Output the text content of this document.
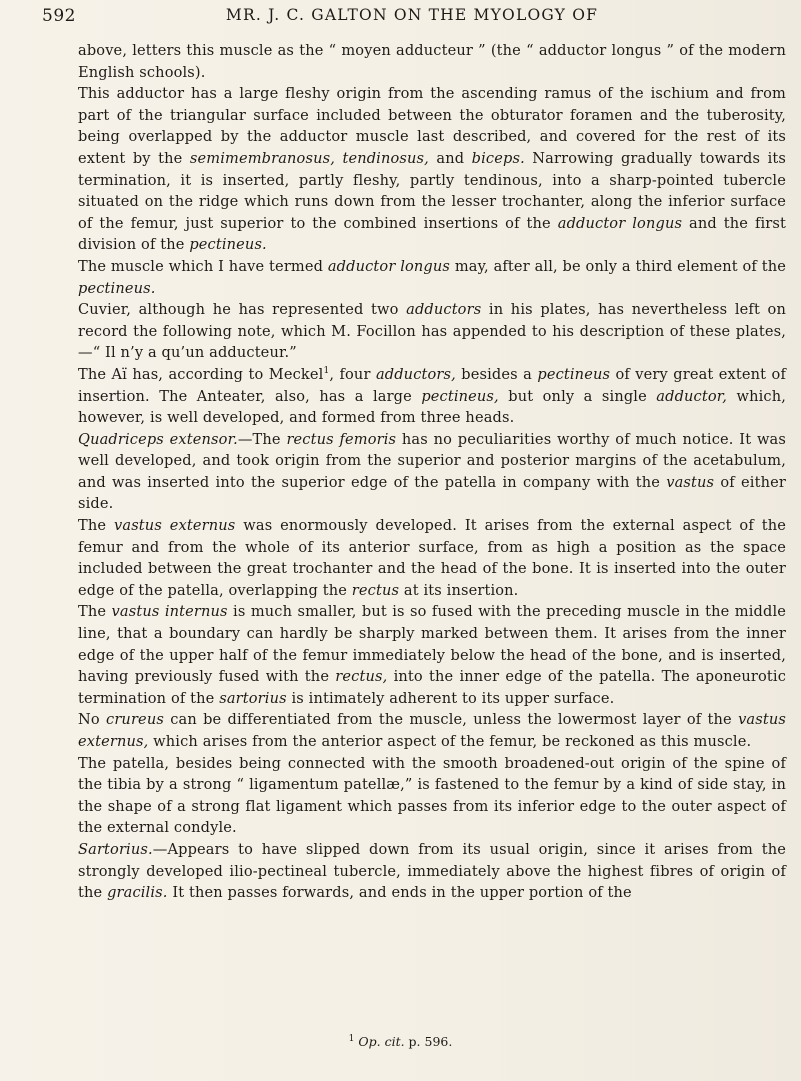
592	MR. J. C. GALTON ON THE MYOLOGY OF

above, letters this muscle as the “ moyen adducteur ” (the “ adductor longus ” of the modern English schools).

This adductor has a large fleshy origin from the ascending ramus of the ischium and from part of the triangular surface included between the obturator foramen and the tuberosity, being overlapped by the adductor muscle last described, and covered for the rest of its extent by the semimembranosus, tendinosus, and biceps. Narrowing gradually towards its termination, it is inserted, partly fleshy, partly tendinous, into a sharp-pointed tubercle situated on the ridge which runs down from the lesser trochanter, along the inferior surface of the femur, just superior to the combined insertions of the adductor longus and the first division of the pectineus.

The muscle which I have termed adductor longus may, after all, be only a third element of the pectineus.

Cuvier, although he has represented two adductors in his plates, has nevertheless left on record the following note, which M. Focillon has appended to his description of these plates,—“ Il n’y a qu’un adducteur.”

The Aï has, according to Meckel$^1$, four adductors, besides a pectineus of very great extent of insertion. The Anteater, also, has a large pectineus, but only a single adductor, which, however, is well developed, and formed from three heads.

Quadriceps extensor.—The rectus femoris has no peculiarities worthy of much notice. It was well developed, and took origin from the superior and posterior margins of the acetabulum, and was inserted into the superior edge of the patella in company with the vastus of either side.

The vastus externus was enormously developed. It arises from the external aspect of the femur and from the whole of its anterior surface, from as high a position as the space included between the great trochanter and the head of the bone. It is inserted into the outer edge of the patella, overlapping the rectus at its insertion.

The vastus internus is much smaller, but is so fused with the preceding muscle in the middle line, that a boundary can hardly be sharply marked between them. It arises from the inner edge of the upper half of the femur immediately below the head of the bone, and is inserted, having previously fused with the rectus, into the inner edge of the patella. The aponeurotic termination of the sartorius is intimately adherent to its upper surface.

No crureus can be differentiated from the muscle, unless the lowermost layer of the vastus externus, which arises from the anterior aspect of the femur, be reckoned as this muscle.

The patella, besides being connected with the smooth broadened-out origin of the spine of the tibia by a strong “ ligamentum patellæ,” is fastened to the femur by a kind of side stay, in the shape of a strong flat ligament which passes from its inferior edge to the outer aspect of the external condyle.

Sartorius.—Appears to have slipped down from its usual origin, since it arises from the strongly developed ilio-pectineal tubercle, immediately above the highest fibres of origin of the gracilis. It then passes forwards, and ends in the upper portion of the

$^1$ Op. cit. p. 596.
